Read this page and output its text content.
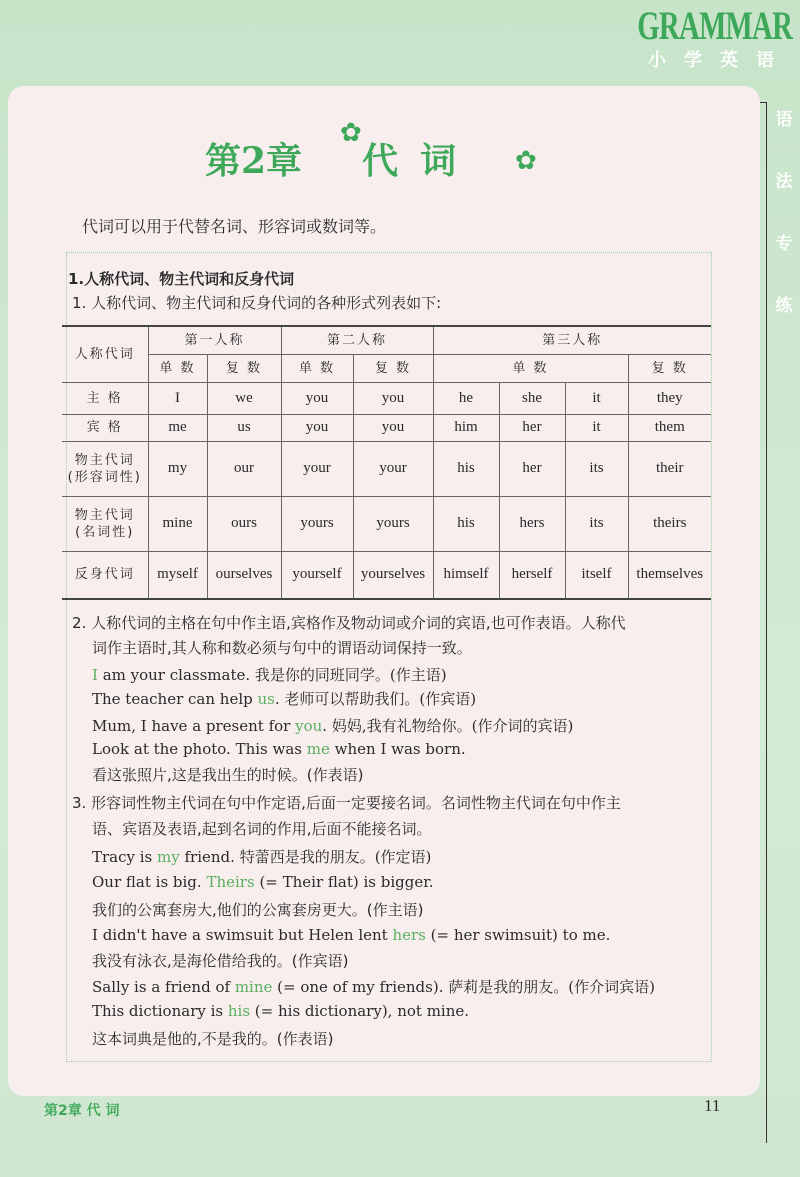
GRAMMAR
小学英语
语
法
专
练
第2章 代词
✿
✿
代词可以用于代替名词、形容词或数词等。
1.人称代词、物主代词和反身代词
1. 人称代词、物主代词和反身代词的各种形式列表如下:
人称代词	第一人称		第二人称		第三人称			
	单 数	复 数	单 数	复 数	单 数			复 数
主 格	I	we	you	you	he	she	it	they
宾 格	me	us	you	you	him	her	it	them
物主代词
(形容词性)	my	our	your	your	his	her	its	their
物主代词
(名词性)	mine	ours	yours	yours	his	hers	its	theirs
反身代词	myself	ourselves	yourself	yourselves	himself	herself	itself	themselves
2. 人称代词的主格在句中作主语,宾格作及物动词或介词的宾语,也可作表语。人称代
词作主语时,其人称和数必须与句中的谓语动词保持一致。
I am your classmate. 我是你的同班同学。(作主语)
The teacher can help us. 老师可以帮助我们。(作宾语)
Mum, I have a present for you. 妈妈,我有礼物给你。(作介词的宾语)
Look at the photo. This was me when I was born.
看这张照片,这是我出生的时候。(作表语)
3. 形容词性物主代词在句中作定语,后面一定要接名词。名词性物主代词在句中作主
语、宾语及表语,起到名词的作用,后面不能接名词。
Tracy is my friend. 特蕾西是我的朋友。(作定语)
Our flat is big. Theirs (= Their flat) is bigger.
我们的公寓套房大,他们的公寓套房更大。(作主语)
I didn't have a swimsuit but Helen lent hers (= her swimsuit) to me.
我没有泳衣,是海伦借给我的。(作宾语)
Sally is a friend of mine (= one of my friends). 萨莉是我的朋友。(作介词宾语)
This dictionary is his (= his dictionary), not mine.
这本词典是他的,不是我的。(作表语)
第2章 代 词	11
